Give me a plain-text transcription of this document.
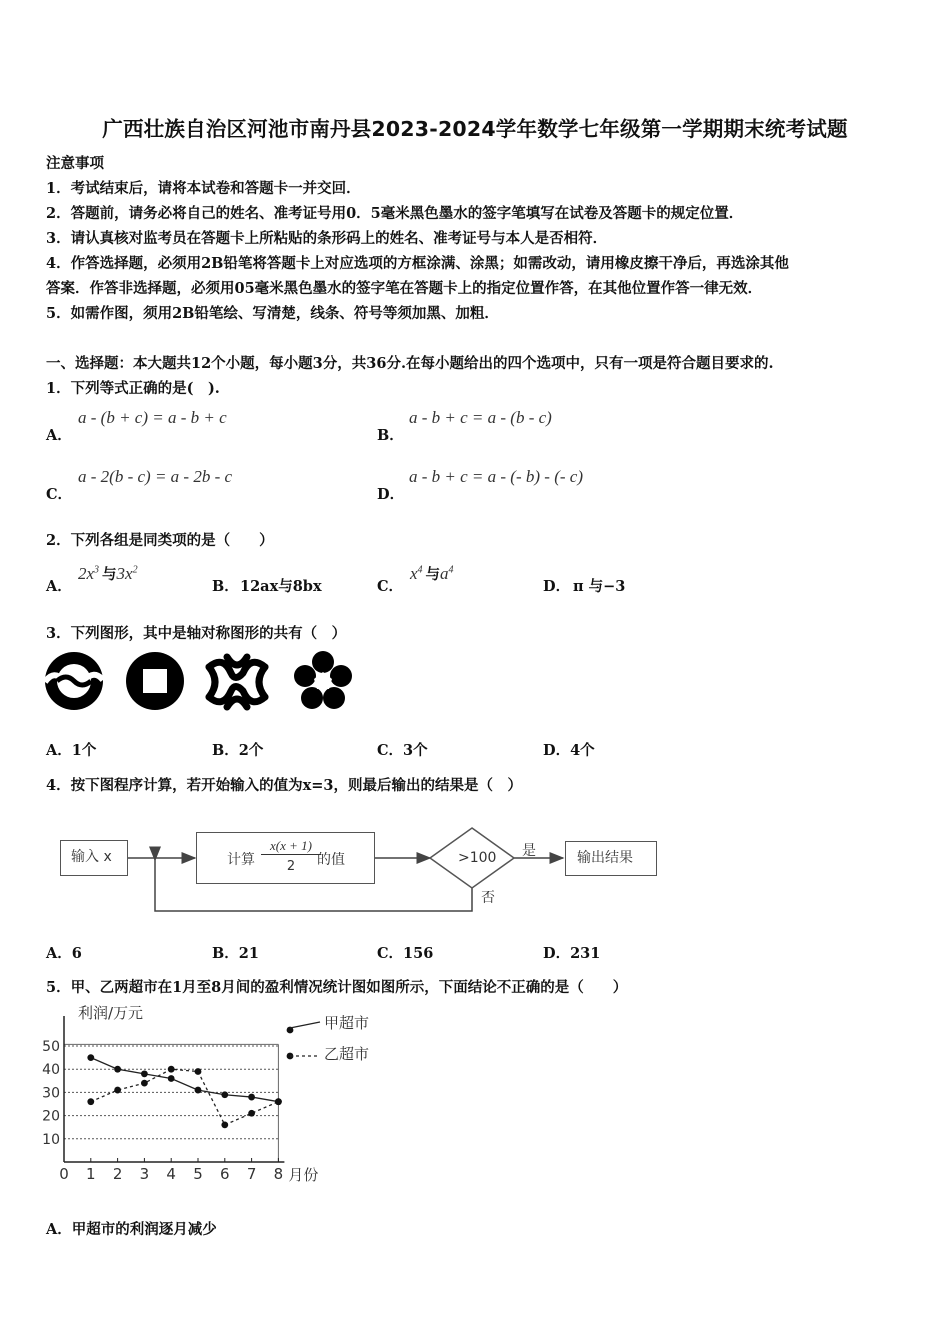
广西壮族自治区河池市南丹县2023-2024学年数学七年级第一学期期末统考试题
注意事项
1．考试结束后，请将本试卷和答题卡一并交回．
2．答题前，请务必将自己的姓名、准考证号用0．5毫米黑色墨水的签字笔填写在试卷及答题卡的规定位置．
3．请认真核对监考员在答题卡上所粘贴的条形码上的姓名、准考证号与本人是否相符．
4．作答选择题，必须用2B铅笔将答题卡上对应选项的方框涂满、涂黑；如需改动，请用橡皮擦干净后，再选涂其他
答案．作答非选择题，必须用05毫米黑色墨水的签字笔在答题卡上的指定位置作答，在其他位置作答一律无效．
5．如需作图，须用2B铅笔绘、写清楚，线条、符号等须加黑、加粗．
一、选择题：本大题共12个小题，每小题3分，共36分.在每小题给出的四个选项中，只有一项是符合题目要求的.
1．下列等式正确的是(　).
A．
a - (b + c) = a - b + c
B．
a - b + c = a - (b - c)
C．
a - 2(b - c) = a - 2b - c
D．
a - b + c = a - (- b) - (- c)
2．下列各组是同类项的是（　　）
A．
$2x^3$ 与$3x^2$
B． 12ax与8bx	C．
$x^4$ 与$a^4$
D． π 与−3
3．下列图形，其中是轴对称图形的共有（　）
A．1个	B．2个	C．3个	D．4个
4．按下图程序计算，若开始输入的值为x=3，则最后输出的结果是（　）
输入 x	计算
x(x + 1)
2	的值	>100 是
否
输出结果
A．6	B．21	C．156	D．231
5．甲、乙两超市在1月至8月间的盈利情况统计图如图所示，下面结论不正确的是（　　）
10
20
30
40
50
0 1 2 3 4 5 6 7 8 月份
利润/万元
甲超市
乙超市
A．甲超市的利润逐月减少
